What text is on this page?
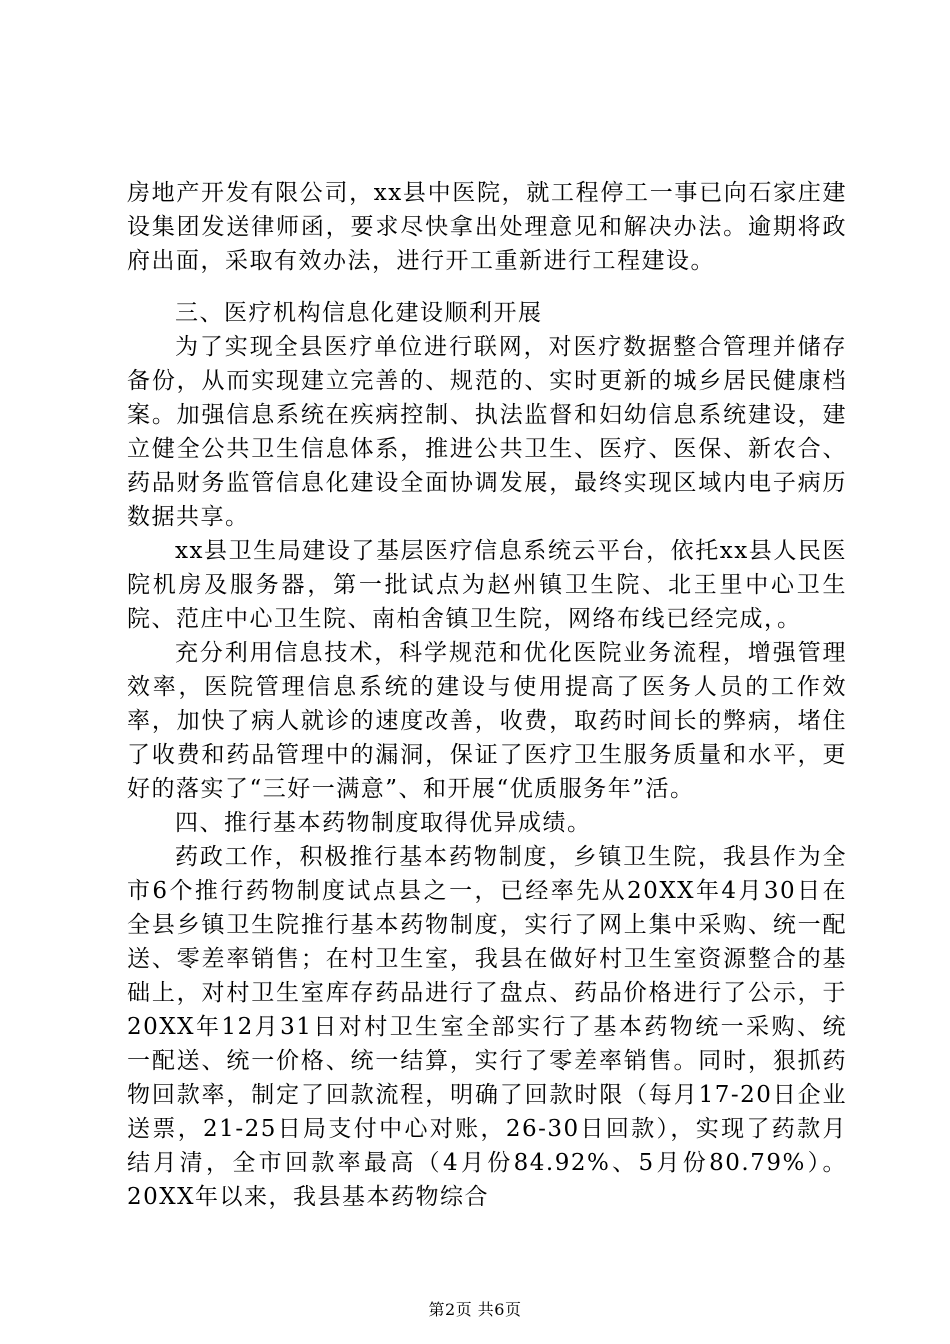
房地产开发有限公司，xx县中医院，就工程停工一事已向石家庄建设集团发送律师函，要求尽快拿出处理意见和解决办法。逾期将政府出面，采取有效办法，进行开工重新进行工程建设。

三、医疗机构信息化建设顺利开展

为了实现全县医疗单位进行联网，对医疗数据整合管理并储存备份，从而实现建立完善的、规范的、实时更新的城乡居民健康档案。加强信息系统在疾病控制、执法监督和妇幼信息系统建设，建立健全公共卫生信息体系，推进公共卫生、医疗、医保、新农合、药品财务监管信息化建设全面协调发展，最终实现区域内电子病历数据共享。

xx县卫生局建设了基层医疗信息系统云平台，依托xx县人民医院机房及服务器，第一批试点为赵州镇卫生院、北王里中心卫生院、范庄中心卫生院、南柏舍镇卫生院，网络布线已经完成，。

充分利用信息技术，科学规范和优化医院业务流程，增强管理效率，医院管理信息系统的建设与使用提高了医务人员的工作效率，加快了病人就诊的速度改善，收费，取药时间长的弊病，堵住了收费和药品管理中的漏洞，保证了医疗卫生服务质量和水平，更好的落实了“三好一满意”、和开展“优质服务年”活。

四、推行基本药物制度取得优异成绩。

药政工作，积极推行基本药物制度，乡镇卫生院，我县作为全市6个推行药物制度试点县之一，已经率先从20XX年4月30日在全县乡镇卫生院推行基本药物制度，实行了网上集中采购、统一配送、零差率销售；在村卫生室，我县在做好村卫生室资源整合的基础上，对村卫生室库存药品进行了盘点、药品价格进行了公示，于20XX年12月31日对村卫生室全部实行了基本药物统一采购、统一配送、统一价格、统一结算，实行了零差率销售。同时，狠抓药物回款率，制定了回款流程，明确了回款时限（每月17-20日企业送票，21-25日局支付中心对账，26-30日回款），实现了药款月结月清，全市回款率最高（4月份84.92%、5月份80.79%）。20XX年以来，我县基本药物综合

第2页 共6页
